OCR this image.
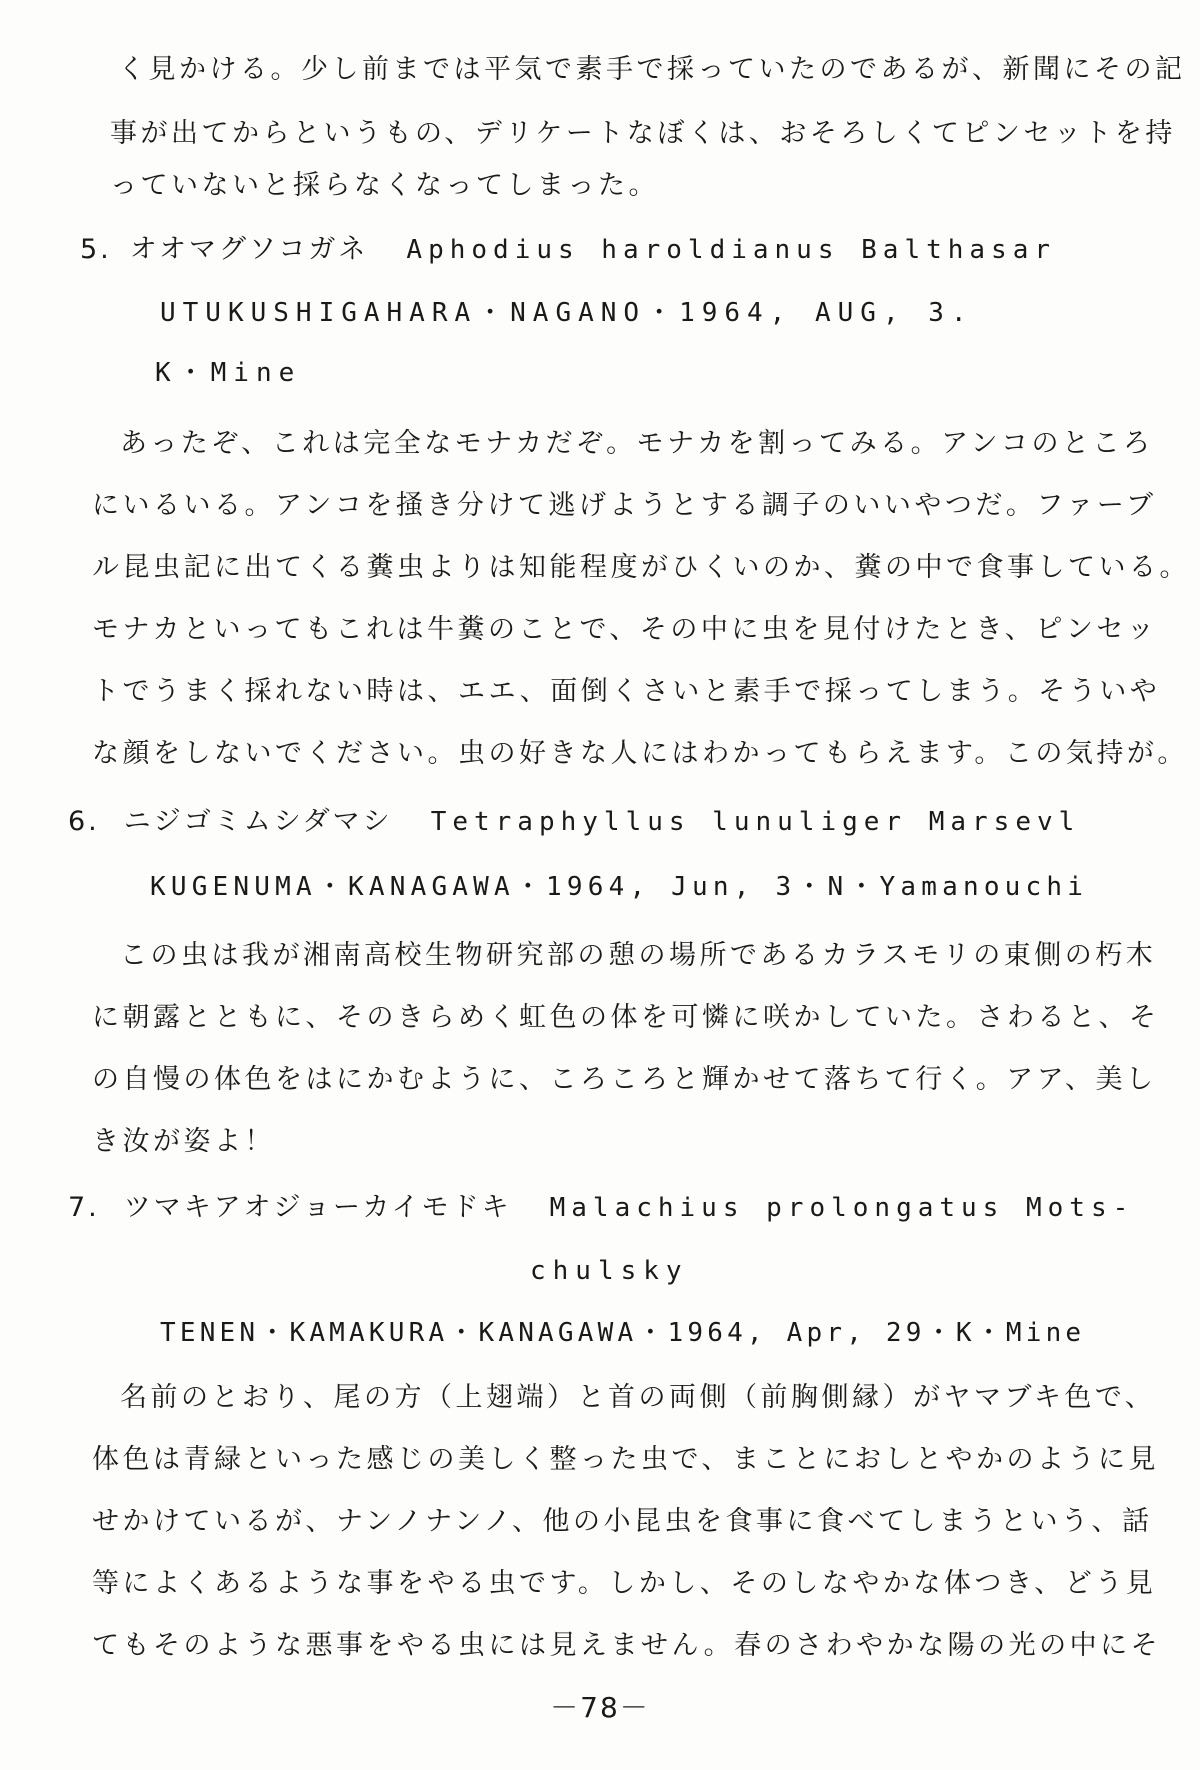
く見かける。少し前までは平気で素手で採っていたのであるが、新聞にその記
事が出てからというもの、デリケートなぼくは、おそろしくてピンセットを持
っていないと採らなくなってしまった。
5. オオマグソコガネ Aphodius haroldianus Balthasar
UTUKUSHIGAHARA・NAGANO・1964, AUG, 3.
K・Mine
あったぞ、これは完全なモナカだぞ。モナカを割ってみる。アンコのところ
にいるいる。アンコを掻き分けて逃げようとする調子のいいやつだ。ファーブ
ル昆虫記に出てくる糞虫よりは知能程度がひくいのか、糞の中で食事している。
モナカといってもこれは牛糞のことで、その中に虫を見付けたとき、ピンセッ
トでうまく採れない時は、エエ、面倒くさいと素手で採ってしまう。そういや
な顔をしないでください。虫の好きな人にはわかってもらえます。この気持が。
6. ニジゴミムシダマシ Tetraphyllus lunuliger Marsevl
KUGENUMA・KANAGAWA・1964, Jun, 3・N・Yamanouchi
この虫は我が湘南高校生物研究部の憩の場所であるカラスモリの東側の朽木
に朝露とともに、そのきらめく虹色の体を可憐に咲かしていた。さわると、そ
の自慢の体色をはにかむように、ころころと輝かせて落ちて行く。アア、美し
き汝が姿よ！
7. ツマキアオジョーカイモドキ Malachius prolongatus Mots-
chulsky
TENEN・KAMAKURA・KANAGAWA・1964, Apr, 29・K・Mine
名前のとおり、尾の方（上翅端）と首の両側（前胸側縁）がヤマブキ色で、
体色は青緑といった感じの美しく整った虫で、まことにおしとやかのように見
せかけているが、ナンノナンノ、他の小昆虫を食事に食べてしまうという、話
等によくあるような事をやる虫です。しかし、そのしなやかな体つき、どう見
てもそのような悪事をやる虫には見えません。春のさわやかな陽の光の中にそ
－78－
